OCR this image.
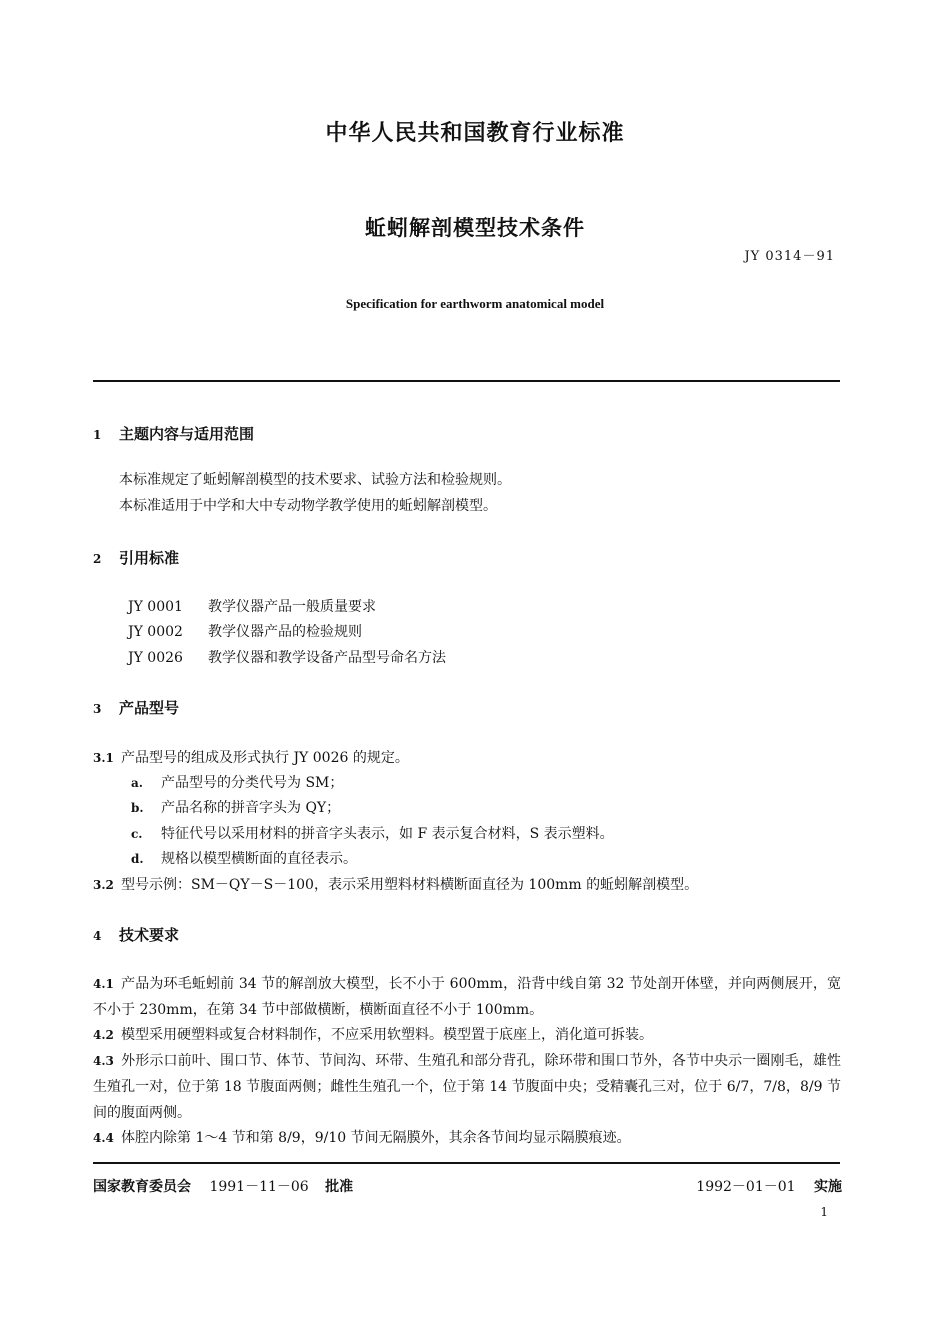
中华人民共和国教育行业标准
蚯蚓解剖模型技术条件
JY 0314－91
Specification for earthworm anatomical model
1 主题内容与适用范围
本标准规定了蚯蚓解剖模型的技术要求、试验方法和检验规则。
本标准适用于中学和大中专动物学教学使用的蚯蚓解剖模型。
2 引用标准
JY 0001 教学仪器产品一般质量要求
JY 0002 教学仪器产品的检验规则
JY 0026 教学仪器和教学设备产品型号命名方法
3 产品型号
3.1 产品型号的组成及形式执行 JY 0026 的规定。
a. 产品型号的分类代号为 SM；
b. 产品名称的拼音字头为 QY；
c. 特征代号以采用材料的拼音字头表示，如 F 表示复合材料，S 表示塑料。
d. 规格以模型横断面的直径表示。
3.2 型号示例：SM－QY－S－100，表示采用塑料材料横断面直径为 100mm 的蚯蚓解剖模型。
4 技术要求
4.1 产品为环毛蚯蚓前 34 节的解剖放大模型，长不小于 600mm，沿背中线自第 32 节处剖开体壁，并向两侧展开，宽不小于 230mm，在第 34 节中部做横断，横断面直径不小于 100mm。
4.2 模型采用硬塑料或复合材料制作，不应采用软塑料。模型置于底座上，消化道可拆装。
4.3 外形示口前叶、围口节、体节、节间沟、环带、生殖孔和部分背孔，除环带和围口节外，各节中央示一圈刚毛，雄性生殖孔一对，位于第 18 节腹面两侧；雌性生殖孔一个，位于第 14 节腹面中央；受精囊孔三对，位于 6/7，7/8，8/9 节间的腹面两侧。
4.4 体腔内除第 1～4 节和第 8/9，9/10 节间无隔膜外，其余各节间均显示隔膜痕迹。
国家教育委员会 1991－11－06 批准	1992－01－01 实施
1
